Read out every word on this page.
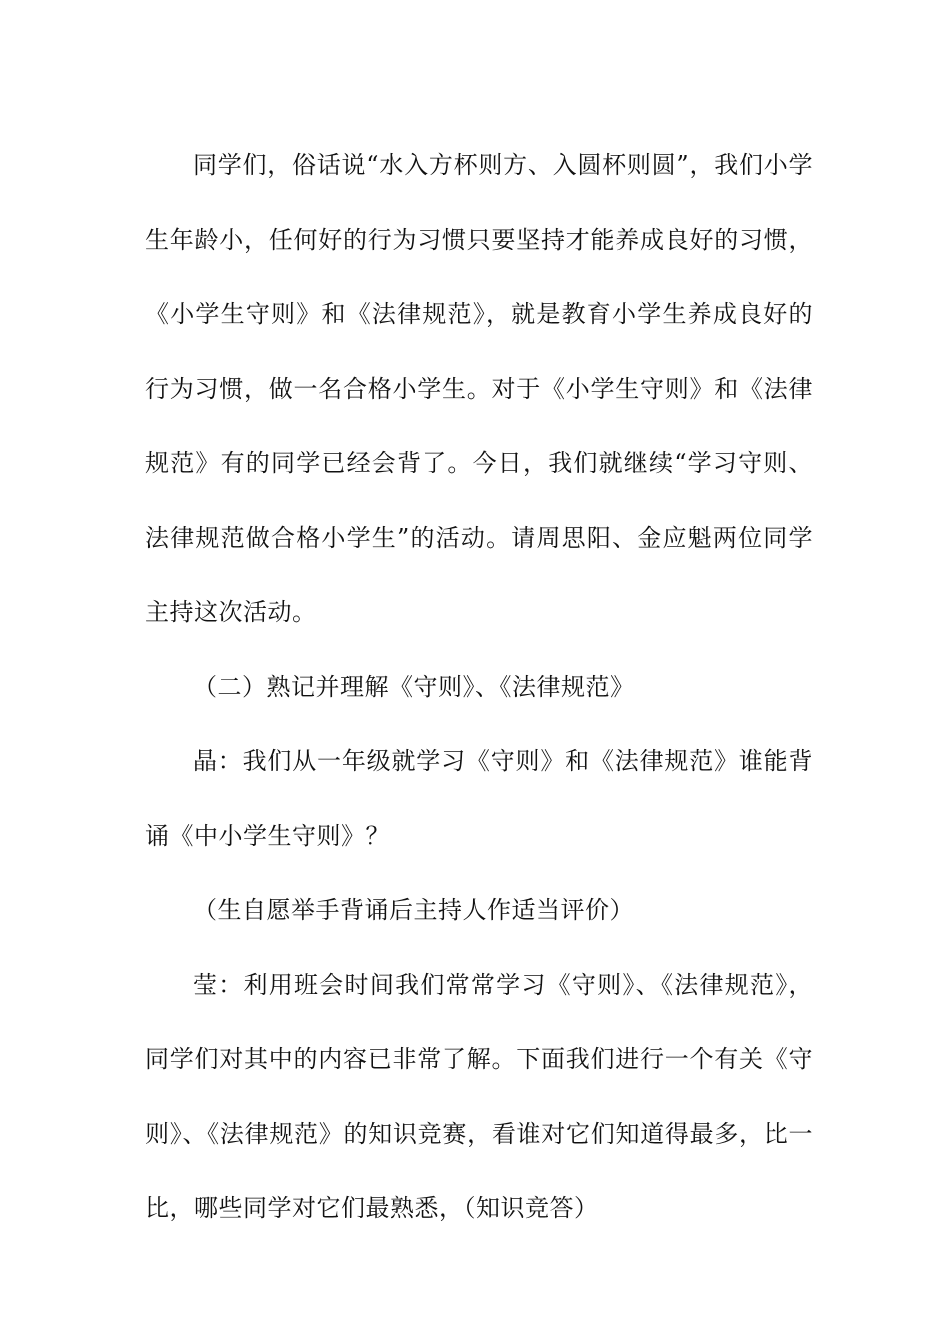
同学们，俗话说“水入方杯则方、入圆杯则圆”，我们小学生年龄小，任何好的行为习惯只要坚持才能养成良好的习惯，《小学生守则》和《法律规范》，就是教育小学生养成良好的行为习惯，做一名合格小学生。对于《小学生守则》和《法律规范》有的同学已经会背了。今日，我们就继续“学习守则、法律规范做合格小学生”的活动。请周思阳、金应魁两位同学主持这次活动。

（二）熟记并理解《守则》、《法律规范》

晶：我们从一年级就学习《守则》和《法律规范》谁能背诵《中小学生守则》？

（生自愿举手背诵后主持人作适当评价）

莹：利用班会时间我们常常学习《守则》、《法律规范》，同学们对其中的内容已非常了解。下面我们进行一个有关《守则》、《法律规范》的知识竞赛，看谁对它们知道得最多，比一比，哪些同学对它们最熟悉，（知识竞答）
